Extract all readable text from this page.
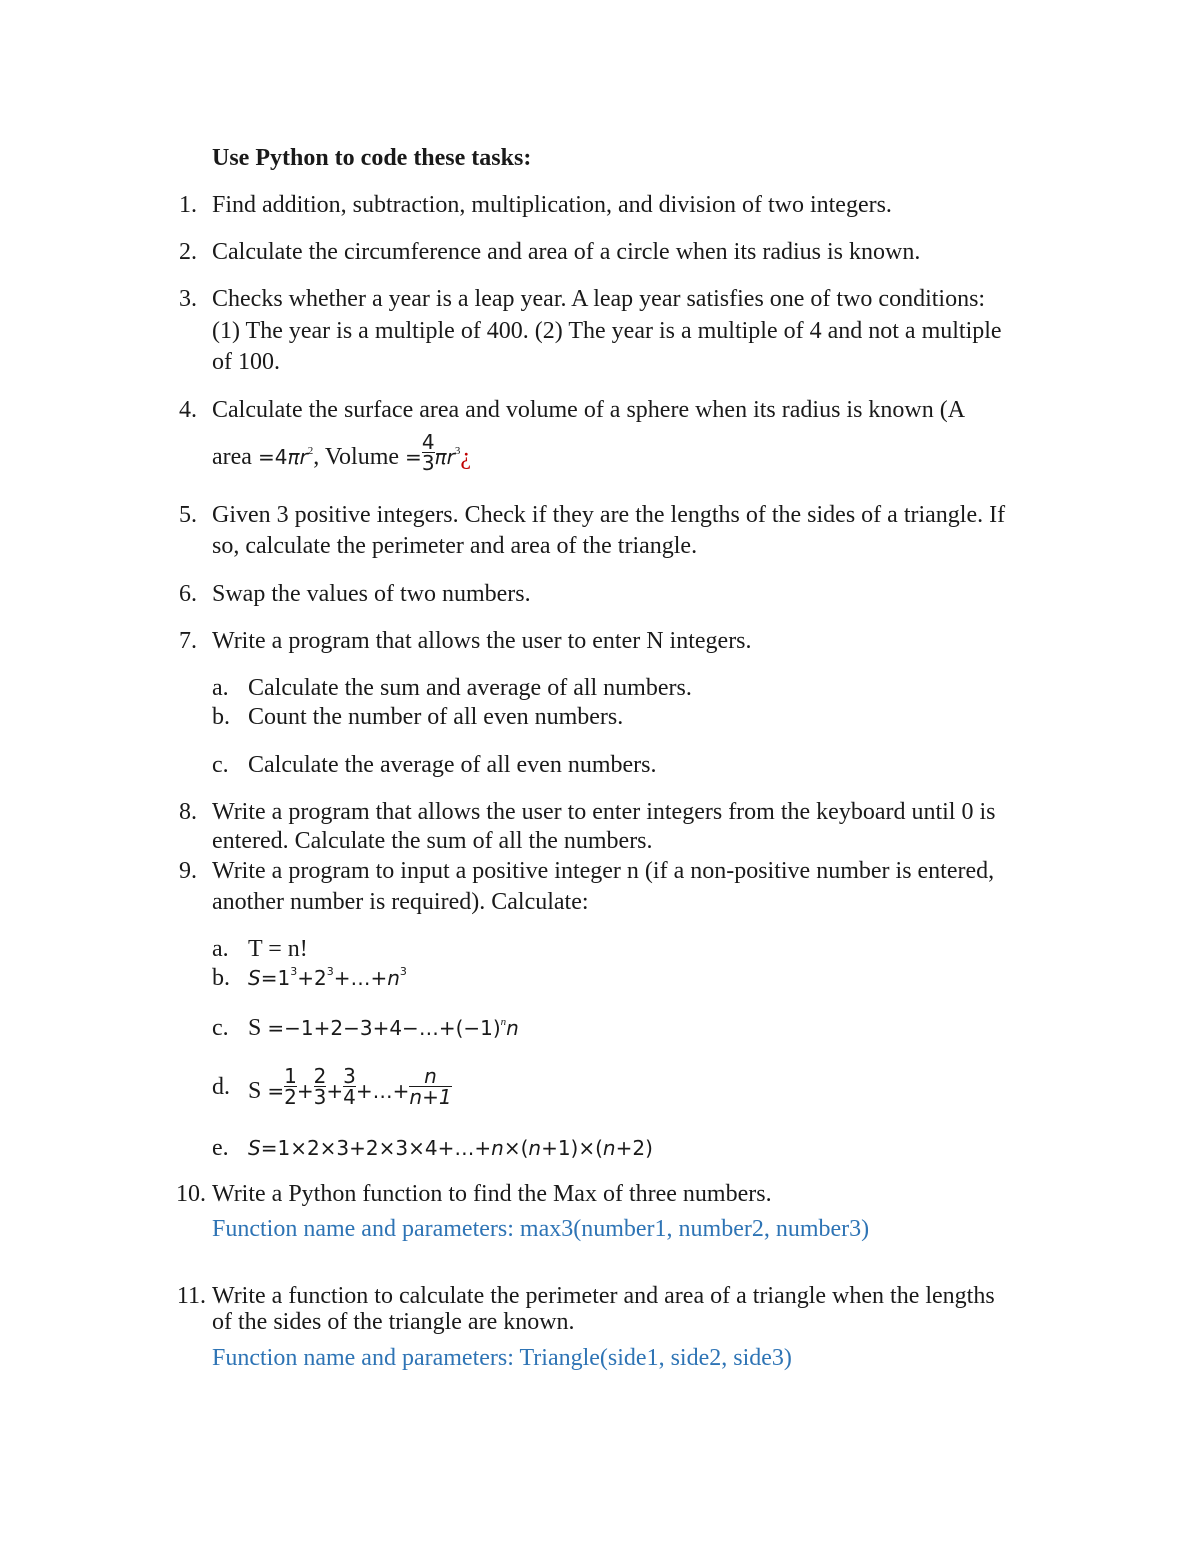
Use Python to code these tasks:
1. Find addition, subtraction, multiplication, and division of two integers.
2. Calculate the circumference and area of a circle when its radius is known.
3. Checks whether a year is a leap year. A leap year satisfies one of two conditions:
(1) The year is a multiple of 400. (2) The year is a multiple of 4 and not a multiple
of 100.
4. Calculate the surface area and volume of a sphere when its radius is known (A
area $=4\pi r^2$, Volume = $\frac{4}{3}$ $\pi r^3¿$
5. Given 3 positive integers. Check if they are the lengths of the sides of a triangle. If
so, calculate the perimeter and area of the triangle.
6. Swap the values of two numbers.
7. Write a program that allows the user to enter N integers.
a. Calculate the sum and average of all numbers.
b. Count the number of all even numbers.
c. Calculate the average of all even numbers.
8. Write a program that allows the user to enter integers from the keyboard until 0 is
entered. Calculate the sum of all the numbers.
9. Write a program to input a positive integer n (if a non-positive number is entered,
another number is required). Calculate:
a. T = n!
b. $S=1^3+2^3+\dots+n^3$
c. $S =-1+2-3+4-\dots+(-1)^nn$
d. $S = \frac{1}{2} + \frac{2}{3} + \frac{3}{4}$ +…+ $\frac{n}{n+1}$
e. S=1×2×3+2×3×4+…+n×(n+1)×(n+2)
10. Write a Python function to find the Max of three numbers.
Function name and parameters: max3(number1, number2, number3)
11. Write a function to calculate the perimeter and area of a triangle when the lengths
of the sides of the triangle are known.
Function name and parameters: Triangle(side1, side2, side3)
